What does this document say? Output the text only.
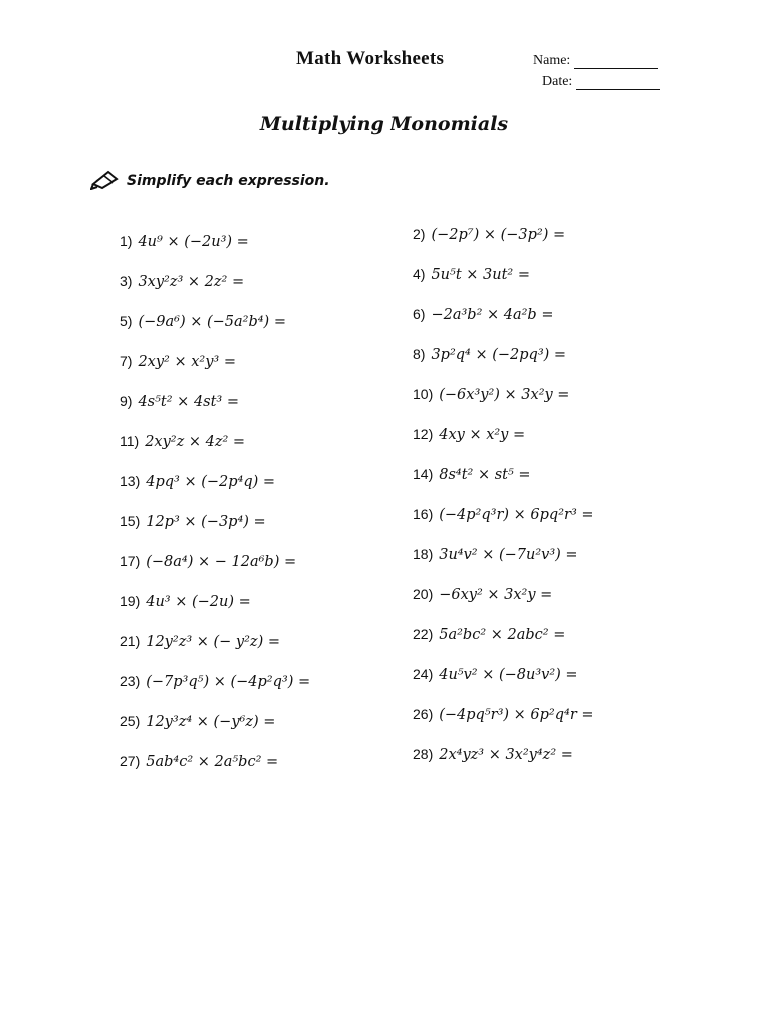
Math Worksheets	Name:
Date:
Multiplying Monomials
Simplify each expression.
1) 4u⁹ × (−2u³) =
3) 3xy²z³ × 2z² =
5) (−9a⁶) × (−5a²b⁴) =
7) 2xy² × x²y³ =
9) 4s⁵t² × 4st³ =
11) 2xy²z × 4z² =
13) 4pq³ × (−2p⁴q) =
15) 12p³ × (−3p⁴) =
17) (−8a⁴) × − 12a⁶b) =
19) 4u³ × (−2u) =
21) 12y²z³ × (− y²z) =
23) (−7p³q⁵) × (−4p²q³) =
25) 12y³z⁴ × (−y⁶z) =
27) 5ab⁴c² × 2a⁵bc² =
2) (−2p⁷) × (−3p²) =
4) 5u⁵t × 3ut² =
6) −2a³b² × 4a²b =
8) 3p²q⁴ × (−2pq³) =
10) (−6x³y²) × 3x²y =
12) 4xy × x²y =
14) 8s⁴t² × st⁵ =
16) (−4p²q³r) × 6pq²r³ =
18) 3u⁴v² × (−7u²v³) =
20) −6xy² × 3x²y =
22) 5a²bc² × 2abc² =
24) 4u⁵v² × (−8u³v²) =
26) (−4pq⁵r³) × 6p²q⁴r =
28) 2x⁴yz³ × 3x²y⁴z² =
